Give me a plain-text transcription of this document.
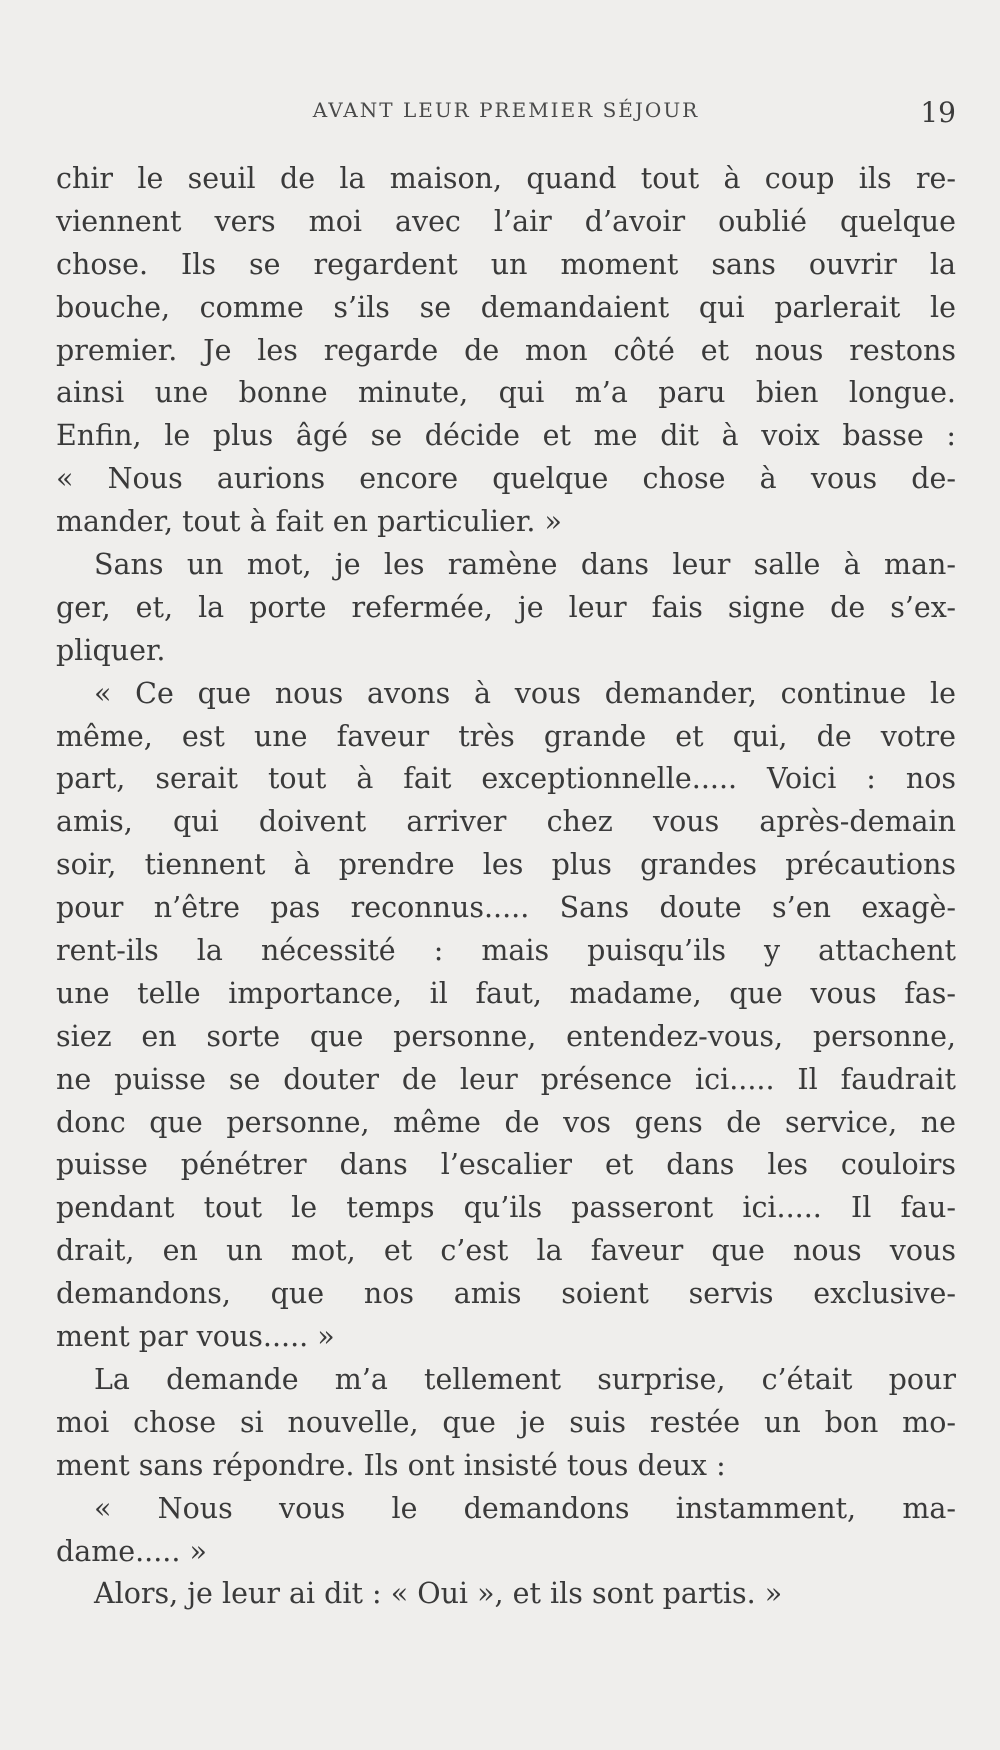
AVANT LEUR PREMIER SÉJOUR	19
chir le seuil de la maison, quand tout à coup ils re-
viennent vers moi avec l’air d’avoir oublié quelque
chose. Ils se regardent un moment sans ouvrir la
bouche, comme s’ils se demandaient qui parlerait le
premier. Je les regarde de mon côté et nous restons
ainsi une bonne minute, qui m’a paru bien longue.
Enfin, le plus âgé se décide et me dit à voix basse :
« Nous aurions encore quelque chose à vous de-
mander, tout à fait en particulier. »
Sans un mot, je les ramène dans leur salle à man-
ger, et, la porte refermée, je leur fais signe de s’ex-
pliquer.
« Ce que nous avons à vous demander, continue le
même, est une faveur très grande et qui, de votre
part, serait tout à fait exceptionnelle..... Voici : nos
amis, qui doivent arriver chez vous après-demain
soir, tiennent à prendre les plus grandes précautions
pour n’être pas reconnus..... Sans doute s’en exagè-
rent-ils la nécessité : mais puisqu’ils y attachent
une telle importance, il faut, madame, que vous fas-
siez en sorte que personne, entendez-vous, personne,
ne puisse se douter de leur présence ici..... Il faudrait
donc que personne, même de vos gens de service, ne
puisse pénétrer dans l’escalier et dans les couloirs
pendant tout le temps qu’ils passeront ici..... Il fau-
drait, en un mot, et c’est la faveur que nous vous
demandons, que nos amis soient servis exclusive-
ment par vous..... »
La demande m’a tellement surprise, c’était pour
moi chose si nouvelle, que je suis restée un bon mo-
ment sans répondre. Ils ont insisté tous deux :
« Nous vous le demandons instamment, ma-
dame..... »
Alors, je leur ai dit : « Oui », et ils sont partis. »
